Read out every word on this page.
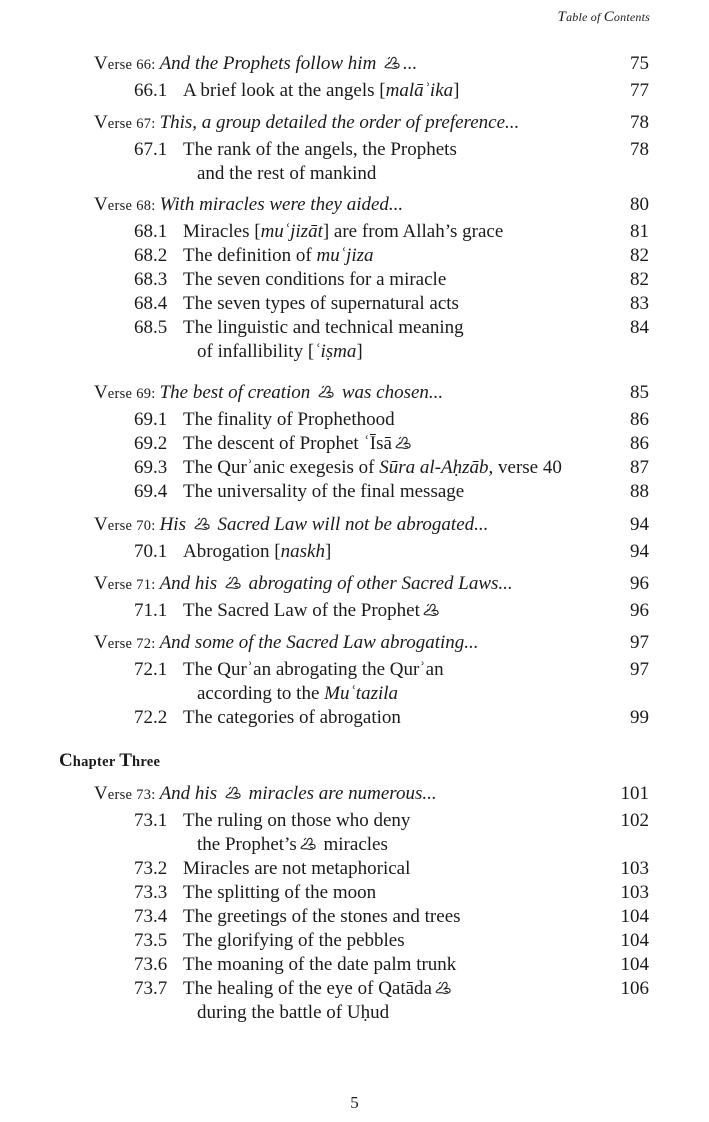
Table of Contents
Verse 66: And the Prophets follow him
...	75
66.1 A brief look at the angels [malāʾika]	77
Verse 67: This, a group detailed the order of preference...	78
67.1 The rank of the angels, the Prophets	78
and the rest of mankind
Verse 68: With miracles were they aided...	80
68.1 Miracles [muʿjizāt] are from Allah’s grace	81
68.2 The definition of muʿjiza	82
68.3 The seven conditions for a miracle	82
68.4 The seven types of supernatural acts	83
68.5 The linguistic and technical meaning	84
of infallibility [ʿiṣma]
Verse 69: The best of creation
was chosen...	85
69.1 The finality of Prophethood	86
69.2 The descent of Prophet ʿĪsā	86
69.3 The Qurʾanic exegesis of Sūra al-Aḥzāb, verse 40	87
69.4 The universality of the final message	88
Verse 70: His
Sacred Law will not be abrogated...	94
70.1 Abrogation [naskh]	94
Verse 71: And his
abrogating of other Sacred Laws...	96
71.1 The Sacred Law of the Prophet	96
Verse 72: And some of the Sacred Law abrogating...	97
72.1 The Qurʾan abrogating the Qurʾan	97
according to the Muʿtazila
72.2 The categories of abrogation	99
Chapter Three
Verse 73: And his
miracles are numerous...	101
73.1 The ruling on those who deny	102
the Prophet’s
miracles
73.2 Miracles are not metaphorical	103
73.3 The splitting of the moon	103
73.4 The greetings of the stones and trees	104
73.5 The glorifying of the pebbles	104
73.6 The moaning of the date palm trunk	104
73.7 The healing of the eye of Qatāda	106
during the battle of Uḥud
5
